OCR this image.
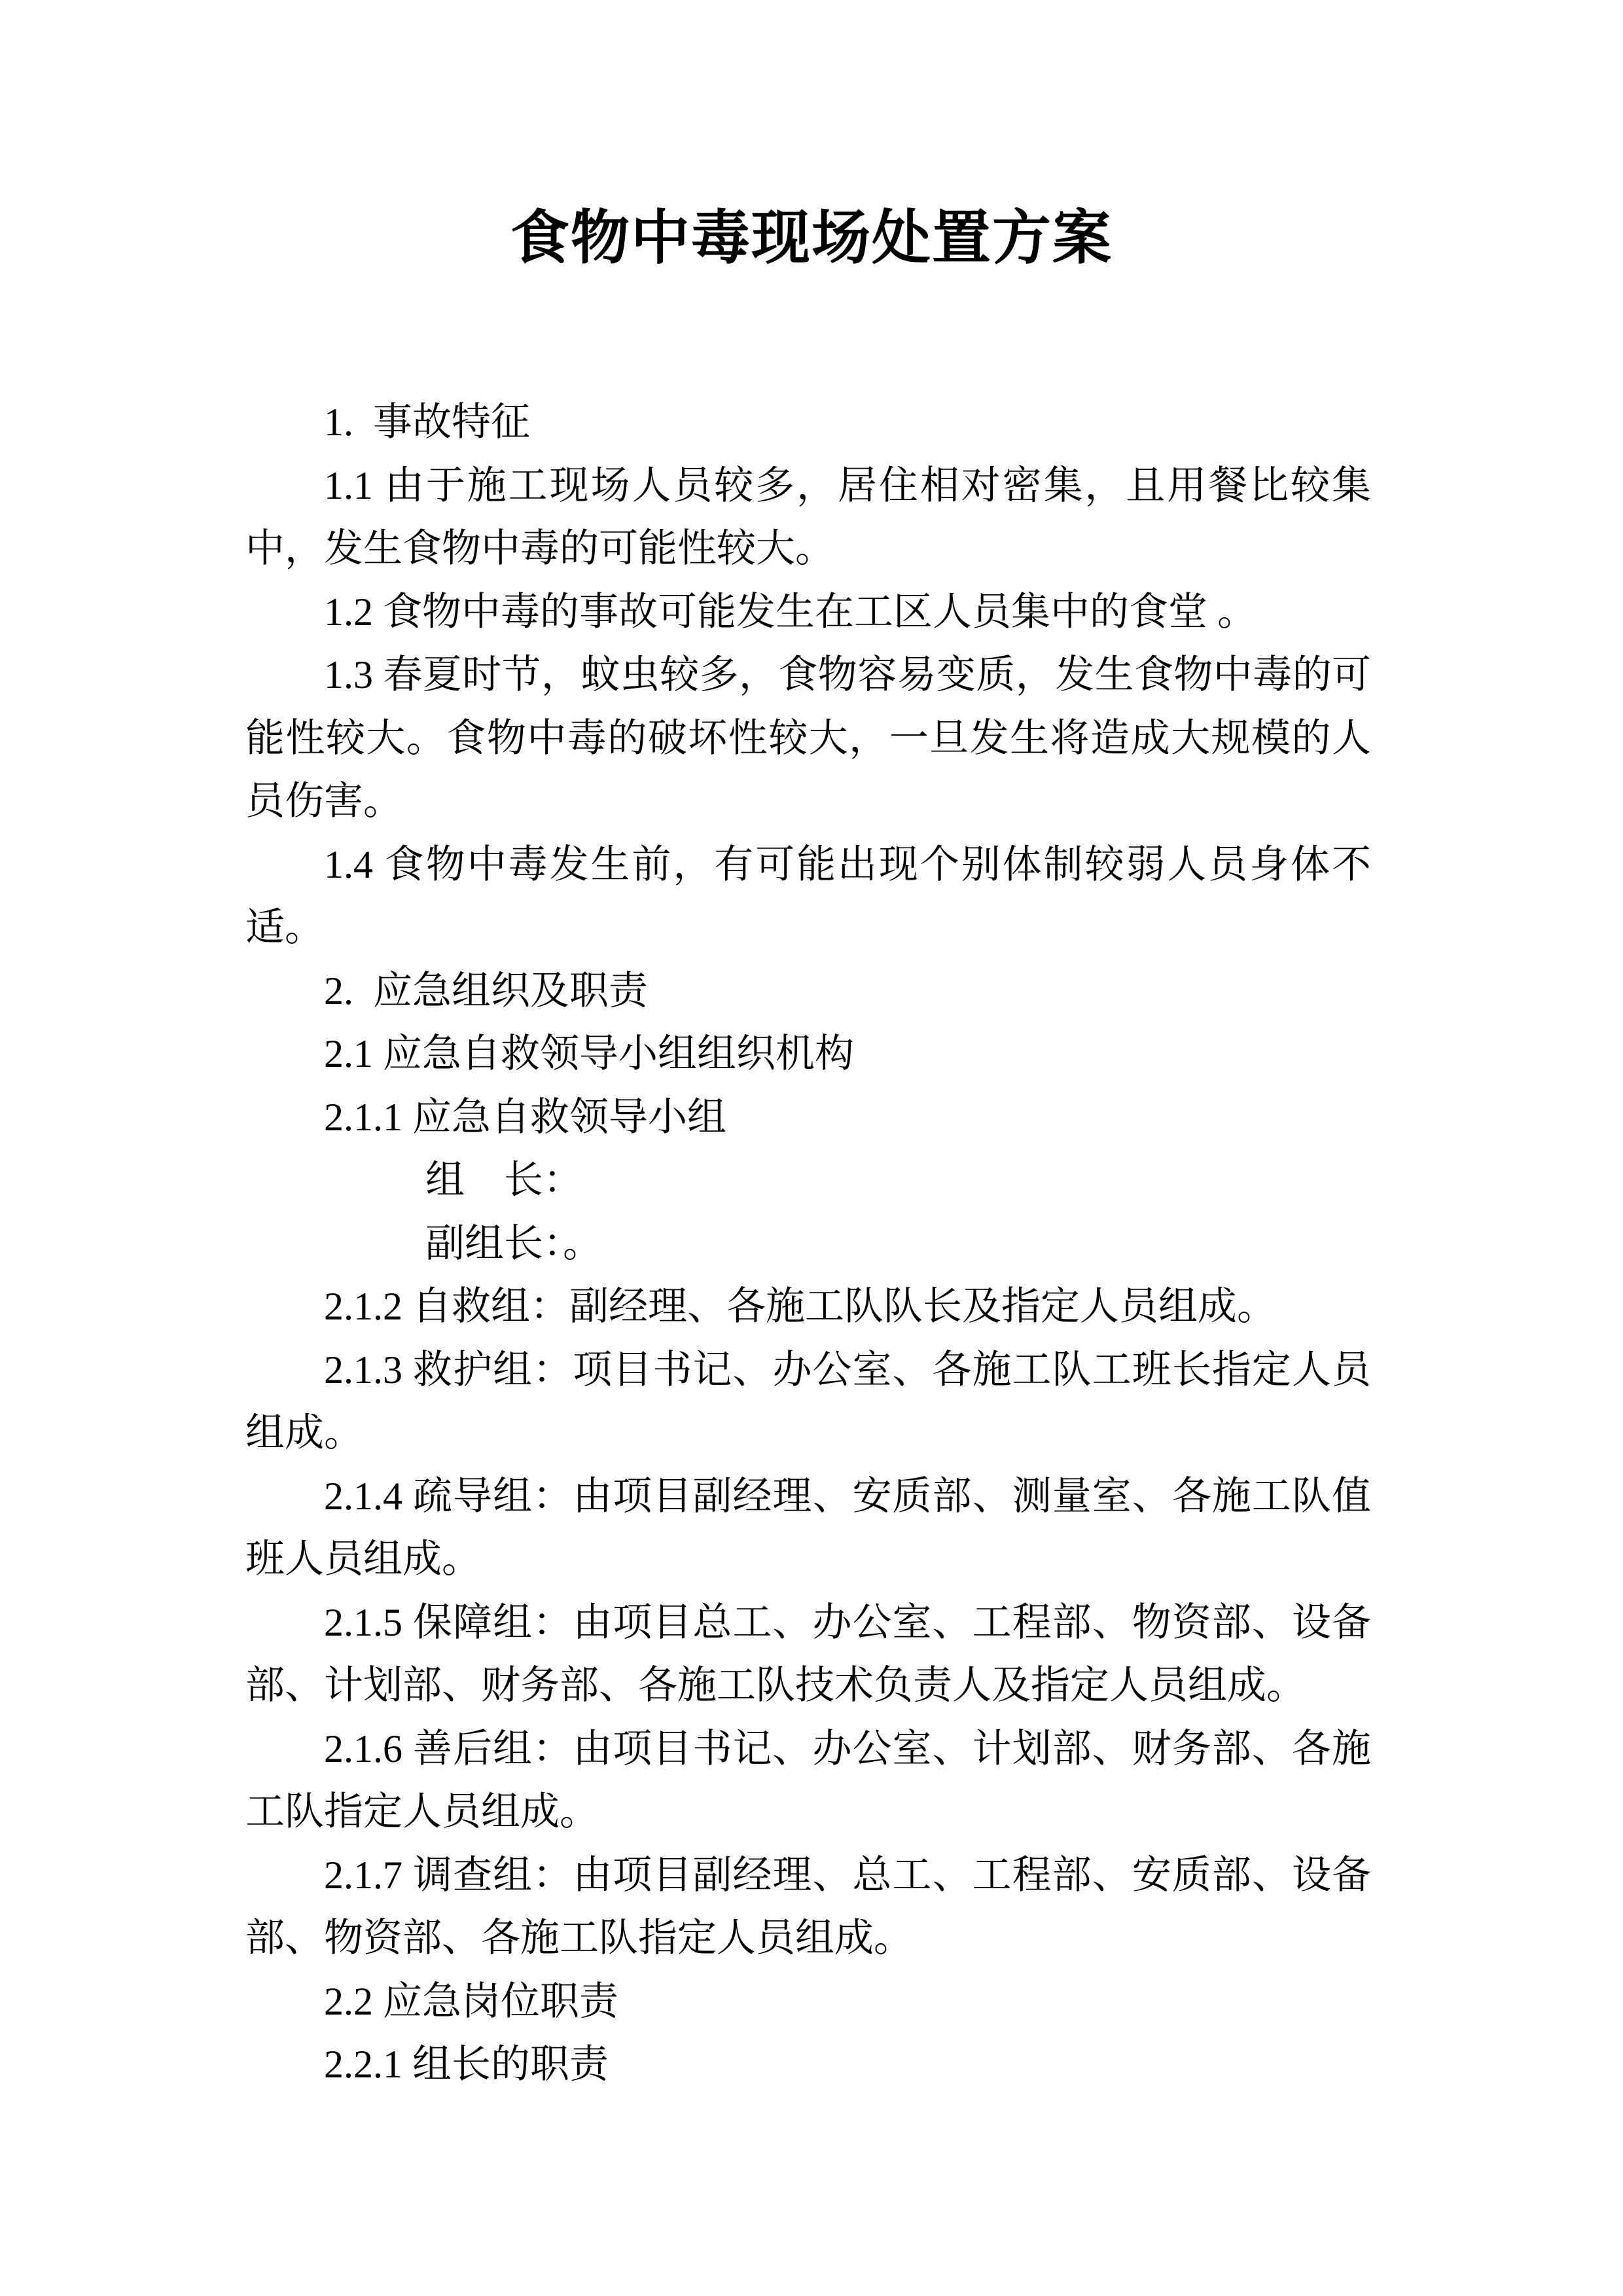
食物中毒现场处置方案

1.  事故特征

1.1 由于施工现场人员较多，居住相对密集，且用餐比较集中，发生食物中毒的可能性较大。

1.2 食物中毒的事故可能发生在工区人员集中的食堂 。

1.3 春夏时节，蚊虫较多，食物容易变质，发生食物中毒的可能性较大。食物中毒的破坏性较大，一旦发生将造成大规模的人员伤害。

1.4 食物中毒发生前，有可能出现个别体制较弱人员身体不适。

2.  应急组织及职责

2.1 应急自救领导小组组织机构

2.1.1 应急自救领导小组

组　长：

副组长：。

2.1.2 自救组：副经理、各施工队队长及指定人员组成。

2.1.3 救护组：项目书记、办公室、各施工队工班长指定人员组成。

2.1.4 疏导组：由项目副经理、安质部、测量室、各施工队值班人员组成。

2.1.5 保障组：由项目总工、办公室、工程部、物资部、设备部、计划部、财务部、各施工队技术负责人及指定人员组成。

2.1.6 善后组：由项目书记、办公室、计划部、财务部、各施工队指定人员组成。

2.1.7 调查组：由项目副经理、总工、工程部、安质部、设备部、物资部、各施工队指定人员组成。

2.2 应急岗位职责

2.2.1 组长的职责
